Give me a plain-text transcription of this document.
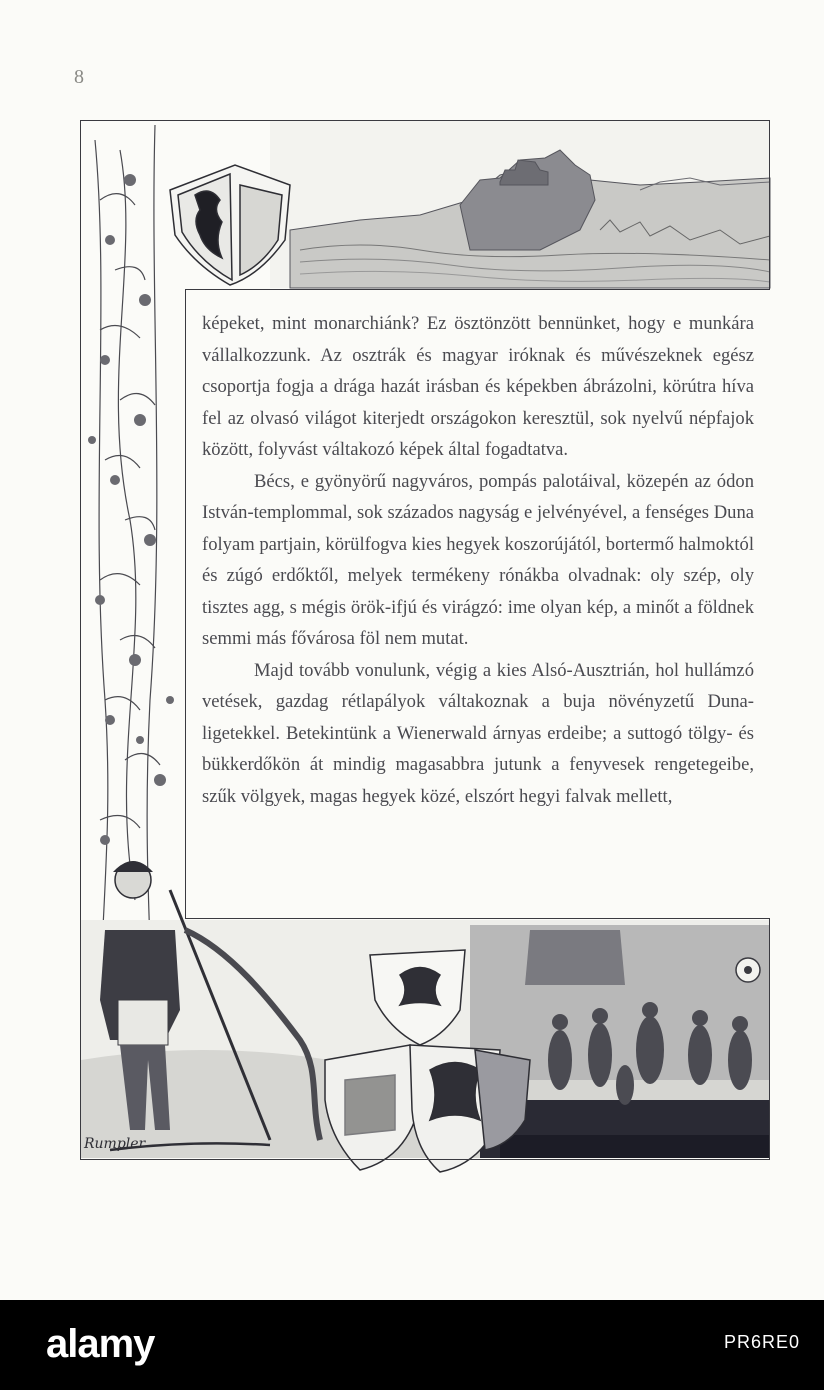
8

képeket, mint monarchiánk? Ez ösztönzött bennünket, hogy e munkára vállalkozzunk. Az osztrák és magyar iróknak és művészeknek egész csoportja fogja a drága hazát irásban és képekben ábrázolni, körútra híva fel az olvasó világot kiterjedt országokon keresztül, sok nyelvű népfajok között, folyvást váltakozó képek által fogadtatva.

Bécs, e gyönyörű nagyváros, pompás palotáival, közepén az ódon István-templommal, sok százados nagyság e jelvényével, a fenséges Duna folyam partjain, körülfogva kies hegyek koszorújától, bortermő halmoktól és zúgó erdőktől, melyek termékeny rónákba olvadnak: oly szép, oly tisztes agg, s mégis örök-ifjú és virágzó: ime olyan kép, a minőt a földnek semmi más fővárosa föl nem mutat.

Majd tovább vonulunk, végig a kies Alsó-Ausztrián, hol hullámzó vetések, gazdag rétlapályok váltakoznak a buja növényzetű Duna-ligetekkel. Betekintünk a Wienerwald árnyas erdeibe; a suttogó tölgy- és bükkerdőkön át mindig magasabbra jutunk a fenyvesek rengetegeibe, szűk völgyek, magas hegyek közé, elszórt hegyi falvak mellett,

Rumpler
alamy	PR6RE0
